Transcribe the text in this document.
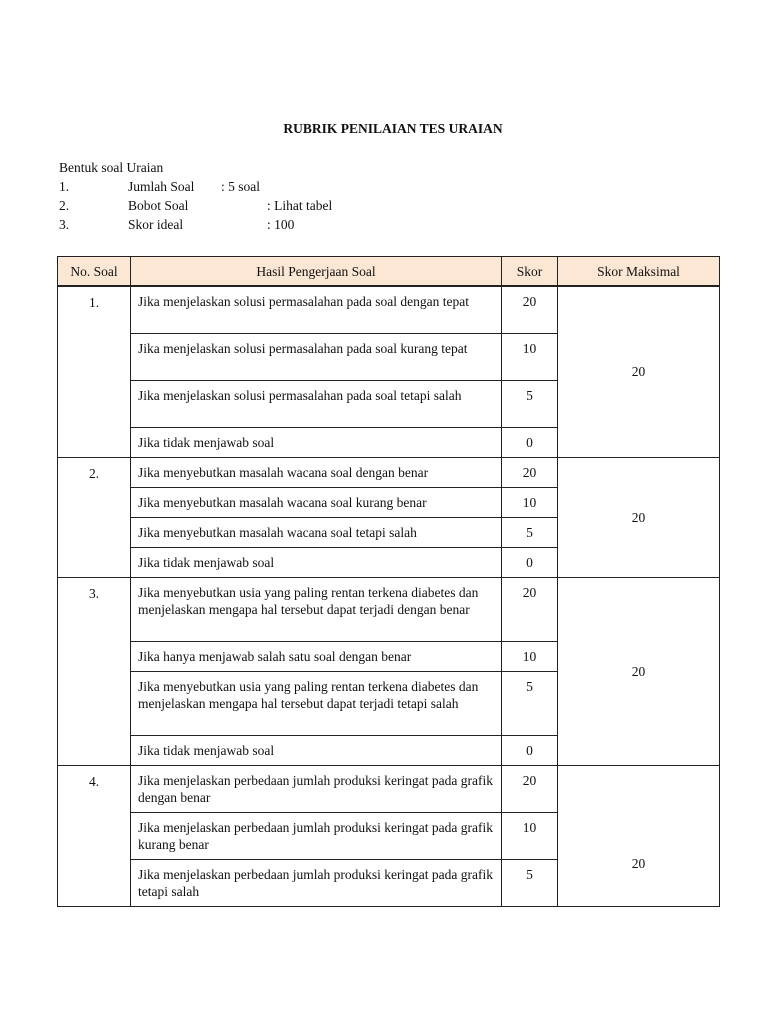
RUBRIK PENILAIAN TES URAIAN
Bentuk soal Uraian
1.	Jumlah Soal : 5 soal
2.	Bobot Soal	: Lihat tabel
3.	Skor ideal	: 100
No. Soal	Hasil Pengerjaan Soal	Skor	Skor Maksimal
1.	Jika menjelaskan solusi permasalahan pada soal dengan tepat	20	20
	Jika menjelaskan solusi permasalahan pada soal kurang tepat	10	
	Jika menjelaskan solusi permasalahan pada soal tetapi salah	5	
	Jika tidak menjawab soal	0	
2.	Jika menyebutkan masalah wacana soal dengan benar	20	20
	Jika menyebutkan masalah wacana soal kurang benar	10	
	Jika menyebutkan masalah wacana soal tetapi salah	5	
	Jika tidak menjawab soal	0	
3.	Jika menyebutkan usia yang paling rentan terkena diabetes dan menjelaskan mengapa hal tersebut dapat terjadi dengan benar	20	20
	Jika hanya menjawab salah satu soal dengan benar	10	
	Jika menyebutkan usia yang paling rentan terkena diabetes dan menjelaskan mengapa hal tersebut dapat terjadi tetapi salah	5	
	Jika tidak menjawab soal	0	
4.	Jika menjelaskan perbedaan jumlah produksi keringat pada grafik dengan benar	20	20
	Jika menjelaskan perbedaan jumlah produksi keringat pada grafik kurang benar	10	
	Jika menjelaskan perbedaan jumlah produksi keringat pada grafik tetapi salah	5	
